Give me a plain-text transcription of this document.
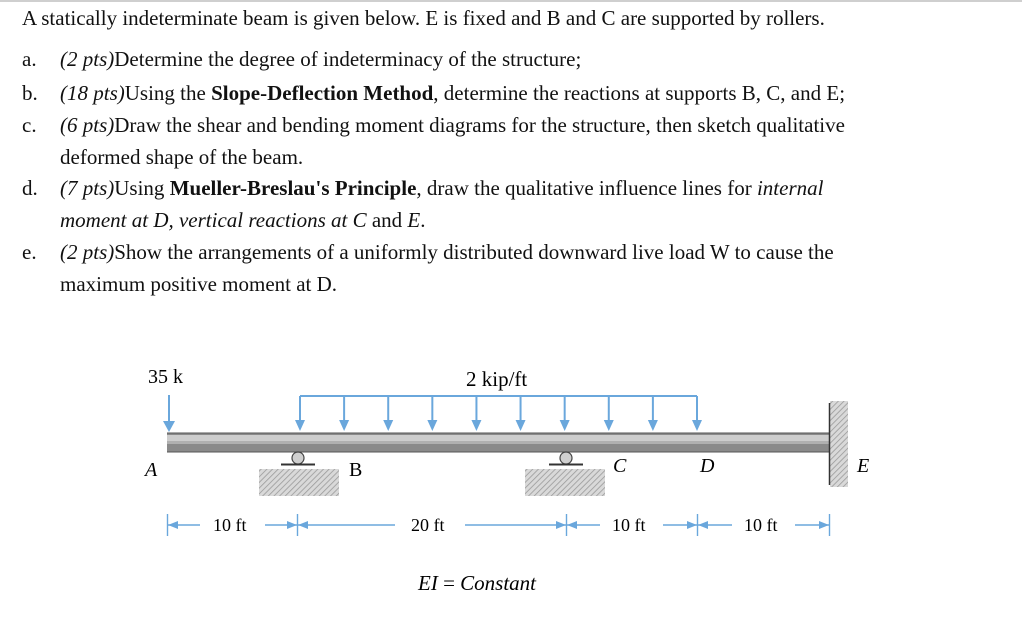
A statically indeterminate beam is given below. E is fixed and B and C are supported by rollers.
a. (2 pts)Determine the degree of indeterminacy of the structure;
b. (18 pts)Using the Slope-Deflection Method, determine the reactions at supports B, C, and E;
c. (6 pts)Draw the shear and bending moment diagrams for the structure, then sketch qualitative
deformed shape of the beam.
d. (7 pts)Using Mueller-Breslau's Principle, draw the qualitative influence lines for internal
moment at D, vertical reactions at C and E.
e. (2 pts)Show the arrangements of a uniformly distributed downward live load W to cause the
maximum positive moment at D.
35 k	2 kip/ft
A	B	C	D	E
10 ft	20 ft	10 ft	10 ft
EI = Constant
